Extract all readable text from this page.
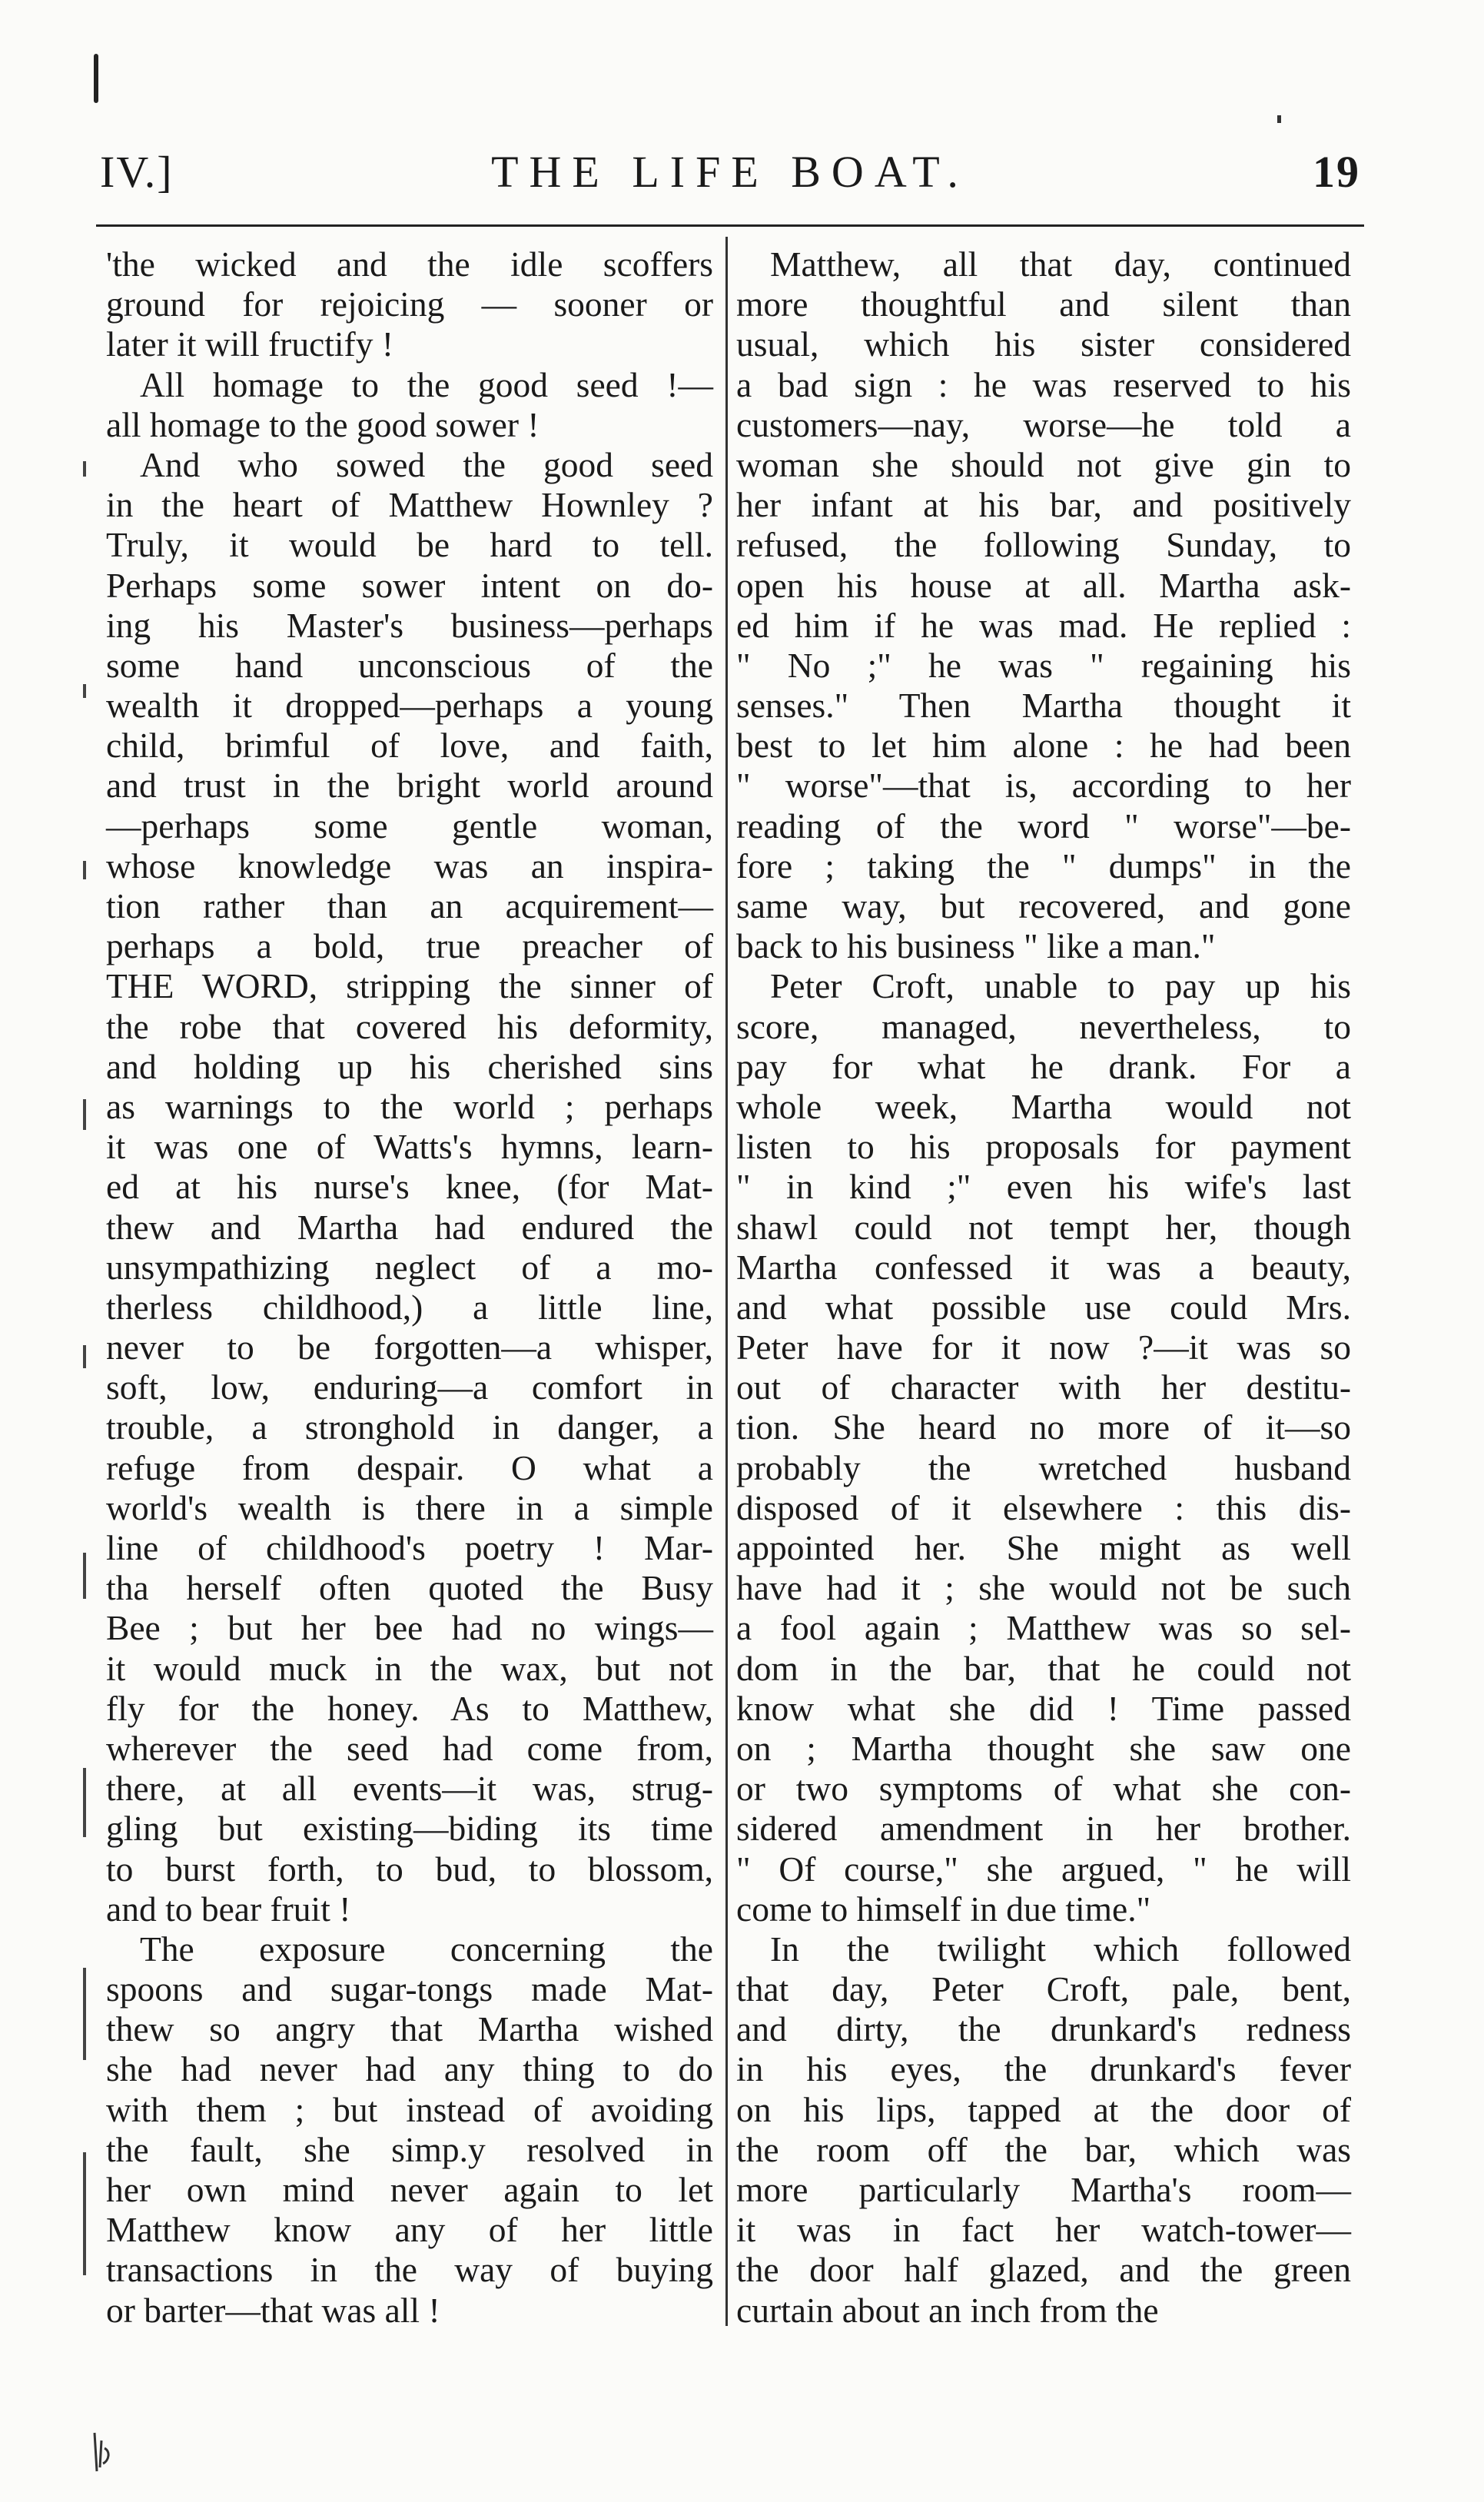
IV.]	THE LIFE BOAT.	19
'the wicked and the idle scoffers
ground for rejoicing — sooner or
later it will fructify !
All homage to the good seed !—
all homage to the good sower !
And who sowed the good seed
in the heart of Matthew Hownley ?
Truly, it would be hard to tell.
Perhaps some sower intent on do-
ing his Master's business—perhaps
some hand unconscious of the
wealth it dropped—perhaps a young
child, brimful of love, and faith,
and trust in the bright world around
—perhaps some gentle woman,
whose knowledge was an inspira-
tion rather than an acquirement—
perhaps a bold, true preacher of
THE WORD, stripping the sinner of
the robe that covered his deformity,
and holding up his cherished sins
as warnings to the world ; perhaps
it was one of Watts's hymns, learn-
ed at his nurse's knee, (for Mat-
thew and Martha had endured the
unsympathizing neglect of a mo-
therless childhood,) a little line,
never to be forgotten—a whisper,
soft, low, enduring—a comfort in
trouble, a stronghold in danger, a
refuge from despair. O what a
world's wealth is there in a simple
line of childhood's poetry ! Mar-
tha herself often quoted the Busy
Bee ; but her bee had no wings—
it would muck in the wax, but not
fly for the honey. As to Matthew,
wherever the seed had come from,
there, at all events—it was, strug-
gling but existing—biding its time
to burst forth, to bud, to blossom,
and to bear fruit !
The exposure concerning the
spoons and sugar-tongs made Mat-
thew so angry that Martha wished
she had never had any thing to do
with them ; but instead of avoiding
the fault, she simp.y resolved in
her own mind never again to let
Matthew know any of her little
transactions in the way of buying
or barter—that was all !
Matthew, all that day, continued
more thoughtful and silent than
usual, which his sister considered
a bad sign : he was reserved to his
customers—nay, worse—he told a
woman she should not give gin to
her infant at his bar, and positively
refused, the following Sunday, to
open his house at all. Martha ask-
ed him if he was mad. He replied :
" No ;" he was " regaining his
senses." Then Martha thought it
best to let him alone : he had been
" worse"—that is, according to her
reading of the word " worse"—be-
fore ; taking the " dumps" in the
same way, but recovered, and gone
back to his business " like a man."
Peter Croft, unable to pay up his
score, managed, nevertheless, to
pay for what he drank. For a
whole week, Martha would not
listen to his proposals for payment
" in kind ;" even his wife's last
shawl could not tempt her, though
Martha confessed it was a beauty,
and what possible use could Mrs.
Peter have for it now ?—it was so
out of character with her destitu-
tion. She heard no more of it—so
probably the wretched husband
disposed of it elsewhere : this dis-
appointed her. She might as well
have had it ; she would not be such
a fool again ; Matthew was so sel-
dom in the bar, that he could not
know what she did ! Time passed
on ; Martha thought she saw one
or two symptoms of what she con-
sidered amendment in her brother.
" Of course," she argued, " he will
come to himself in due time."
In the twilight which followed
that day, Peter Croft, pale, bent,
and dirty, the drunkard's redness
in his eyes, the drunkard's fever
on his lips, tapped at the door of
the room off the bar, which was
more particularly Martha's room—
it was in fact her watch-tower—
the door half glazed, and the green
curtain about an inch from the
